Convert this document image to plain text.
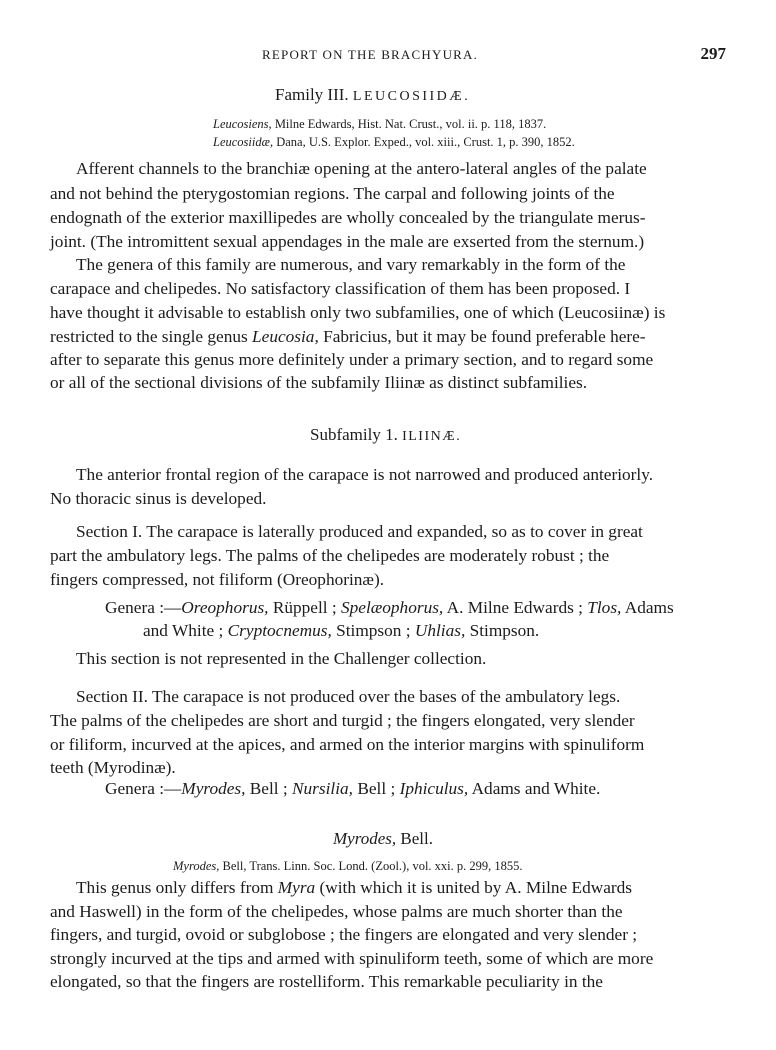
REPORT ON THE BRACHYURA.	297
Family III. LEUCOSIIDÆ.
Leucosiens, Milne Edwards, Hist. Nat. Crust., vol. ii. p. 118, 1837.
Leucosiidæ, Dana, U.S. Explor. Exped., vol. xiii., Crust. 1, p. 390, 1852.
Afferent channels to the branchiæ opening at the antero-lateral angles of the palate
and not behind the pterygostomian regions. The carpal and following joints of the
endognath of the exterior maxillipedes are wholly concealed by the triangulate merus-
joint. (The intromittent sexual appendages in the male are exserted from the sternum.)
The genera of this family are numerous, and vary remarkably in the form of the
carapace and chelipedes. No satisfactory classification of them has been proposed. I
have thought it advisable to establish only two subfamilies, one of which (Leucosiinæ) is
restricted to the single genus Leucosia, Fabricius, but it may be found preferable here-
after to separate this genus more definitely under a primary section, and to regard some
or all of the sectional divisions of the subfamily Iliinæ as distinct subfamilies.
Subfamily 1. ILIINÆ.
The anterior frontal region of the carapace is not narrowed and produced anteriorly.
No thoracic sinus is developed.
Section I. The carapace is laterally produced and expanded, so as to cover in great
part the ambulatory legs. The palms of the chelipedes are moderately robust ; the
fingers compressed, not filiform (Oreophorinæ).
Genera :—Oreophorus, Rüppell ; Spelæophorus, A. Milne Edwards ; Tlos, Adams
and White ; Cryptocnemus, Stimpson ; Uhlias, Stimpson.
This section is not represented in the Challenger collection.
Section II. The carapace is not produced over the bases of the ambulatory legs.
The palms of the chelipedes are short and turgid ; the fingers elongated, very slender
or filiform, incurved at the apices, and armed on the interior margins with spinuliform
teeth (Myrodinæ).
Genera :—Myrodes, Bell ; Nursilia, Bell ; Iphiculus, Adams and White.
Myrodes, Bell.
Myrodes, Bell, Trans. Linn. Soc. Lond. (Zool.), vol. xxi. p. 299, 1855.
This genus only differs from Myra (with which it is united by A. Milne Edwards
and Haswell) in the form of the chelipedes, whose palms are much shorter than the
fingers, and turgid, ovoid or subglobose ; the fingers are elongated and very slender ;
strongly incurved at the tips and armed with spinuliform teeth, some of which are more
elongated, so that the fingers are rostelliform. This remarkable peculiarity in the
